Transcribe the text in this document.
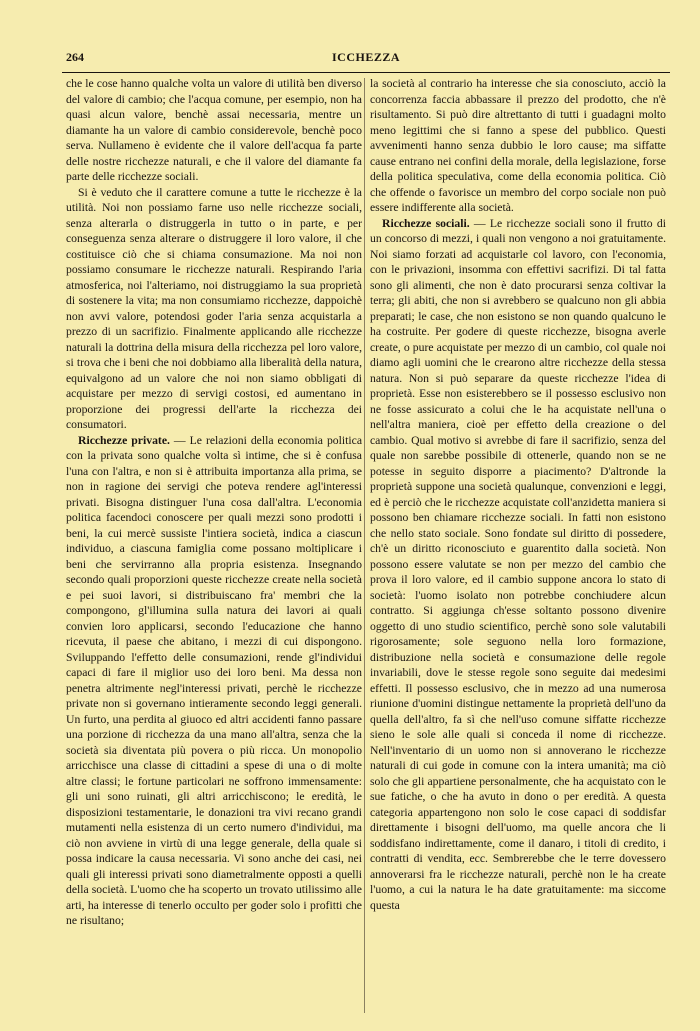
264	ICCHEZZA

che le cose hanno qualche volta un valore di utilità ben diverso del valore di cambio; che l'acqua comune, per esempio, non ha quasi alcun valore, benchè assai necessaria, mentre un diamante ha un valore di cambio considerevole, benchè poco serva. Nullameno è evidente che il valore dell'acqua fa parte delle nostre ricchezze naturali, e che il valore del diamante fa parte delle ricchezze sociali.

Si è veduto che il carattere comune a tutte le ricchezze è la utilità. Noi non possiamo farne uso nelle ricchezze sociali, senza alterarla o distruggerla in tutto o in parte, e per conseguenza senza alterare o distruggere il loro valore, il che costituisce ciò che si chiama consumazione. Ma noi non possiamo consumare le ricchezze naturali. Respirando l'aria atmosferica, noi l'alteriamo, noi distruggiamo la sua proprietà di sostenere la vita; ma non consumiamo ricchezze, dappoichè non avvi valore, potendosi goder l'aria senza acquistarla a prezzo di un sacrifizio. Finalmente applicando alle ricchezze naturali la dottrina della misura della ricchezza pel loro valore, si trova che i beni che noi dobbiamo alla liberalità della natura, equivalgono ad un valore che noi non siamo obbligati di acquistare per mezzo di servigi costosi, ed aumentano in proporzione dei progressi dell'arte la ricchezza dei consumatori.

Ricchezze private. — Le relazioni della economia politica con la privata sono qualche volta sì intime, che si è confusa l'una con l'altra, e non si è attribuita importanza alla prima, se non in ragione dei servigi che poteva rendere agl'interessi privati. Bisogna distinguer l'una cosa dall'altra. L'economia politica facendoci conoscere per quali mezzi sono prodotti i beni, la cui mercè sussiste l'intiera società, indica a ciascun individuo, a ciascuna famiglia come possano moltiplicare i beni che servirranno alla propria esistenza. Insegnando secondo quali proporzioni queste ricchezze create nella società e pei suoi lavori, si distribuiscano fra' membri che la compongono, gl'illumina sulla natura dei lavori ai quali convien loro applicarsi, secondo l'educazione che hanno ricevuta, il paese che abitano, i mezzi di cui dispongono. Sviluppando l'effetto delle consumazioni, rende gl'individui capaci di fare il miglior uso dei loro beni. Ma dessa non penetra altrimente negl'interessi privati, perchè le ricchezze private non si governano intieramente secondo leggi generali. Un furto, una perdita al giuoco ed altri accidenti fanno passare una porzione di ricchezza da una mano all'altra, senza che la società sia diventata più povera o più ricca. Un monopolio arricchisce una classe di cittadini a spese di una o di molte altre classi; le fortune particolari ne soffrono immensamente: gli uni sono ruinati, gli altri arricchiscono; le eredità, le disposizioni testamentarie, le donazioni tra vivi recano grandi mutamenti nella esistenza di un certo numero d'individui, ma ciò non avviene in virtù di una legge generale, della quale si possa indicare la causa necessaria. Vi sono anche dei casi, nei quali gli interessi privati sono diametralmente opposti a quelli della società. L'uomo che ha scoperto un trovato utilissimo alle arti, ha interesse di tenerlo occulto per goder solo i profitti che ne risultano;

la società al contrario ha interesse che sia conosciuto, acciò la concorrenza faccia abbassare il prezzo del prodotto, che n'è risultamento. Si può dire altrettanto di tutti i guadagni molto meno legittimi che si fanno a spese del pubblico. Questi avvenimenti hanno senza dubbio le loro cause; ma siffatte cause entrano nei confini della morale, della legislazione, forse della politica speculativa, come della economia politica. Ciò che offende o favorisce un membro del corpo sociale non può essere indifferente alla società.

Ricchezze sociali. — Le ricchezze sociali sono il frutto di un concorso di mezzi, i quali non vengono a noi gratuitamente. Noi siamo forzati ad acquistarle col lavoro, con l'economia, con le privazioni, insomma con effettivi sacrifizi. Di tal fatta sono gli alimenti, che non è dato procurarsi senza coltivar la terra; gli abiti, che non si avrebbero se qualcuno non gli abbia preparati; le case, che non esistono se non quando qualcuno le ha costruite. Per godere di queste ricchezze, bisogna averle create, o pure acquistate per mezzo di un cambio, col quale noi diamo agli uomini che le crearono altre ricchezze della stessa natura. Non si può separare da queste ricchezze l'idea di proprietà. Esse non esisterebbero se il possesso esclusivo non ne fosse assicurato a colui che le ha acquistate nell'una o nell'altra maniera, cioè per effetto della creazione o del cambio. Qual motivo si avrebbe di fare il sacrifizio, senza del quale non sarebbe possibile di ottenerle, quando non se ne potesse in seguito disporre a piacimento? D'altronde la proprietà suppone una società qualunque, convenzioni e leggi, ed è perciò che le ricchezze acquistate coll'anzidetta maniera si possono ben chiamare ricchezze sociali. In fatti non esistono che nello stato sociale. Sono fondate sul diritto di possedere, ch'è un diritto riconosciuto e guarentito dalla società. Non possono essere valutate se non per mezzo del cambio che prova il loro valore, ed il cambio suppone ancora lo stato di società: l'uomo isolato non potrebbe conchiudere alcun contratto. Si aggiunga ch'esse soltanto possono divenire oggetto di uno studio scientifico, perchè sono sole valutabili rigorosamente; sole seguono nella loro formazione, distribuzione nella società e consumazione delle regole invariabili, dove le stesse regole sono seguite dai medesimi effetti. Il possesso esclusivo, che in mezzo ad una numerosa riunione d'uomini distingue nettamente la proprietà dell'uno da quella dell'altro, fa sì che nell'uso comune siffatte ricchezze sieno le sole alle quali si conceda il nome di ricchezze. Nell'inventario di un uomo non si annoverano le ricchezze naturali di cui gode in comune con la intera umanità; ma ciò solo che gli appartiene personalmente, che ha acquistato con le sue fatiche, o che ha avuto in dono o per eredità. A questa categoria appartengono non solo le cose capaci di soddisfar direttamente i bisogni dell'uomo, ma quelle ancora che li soddisfano indirettamente, come il danaro, i titoli di credito, i contratti di vendita, ecc. Sembrerebbe che le terre dovessero annoverarsi fra le ricchezze naturali, perchè non le ha create l'uomo, a cui la natura le ha date gratuitamente: ma siccome questa
